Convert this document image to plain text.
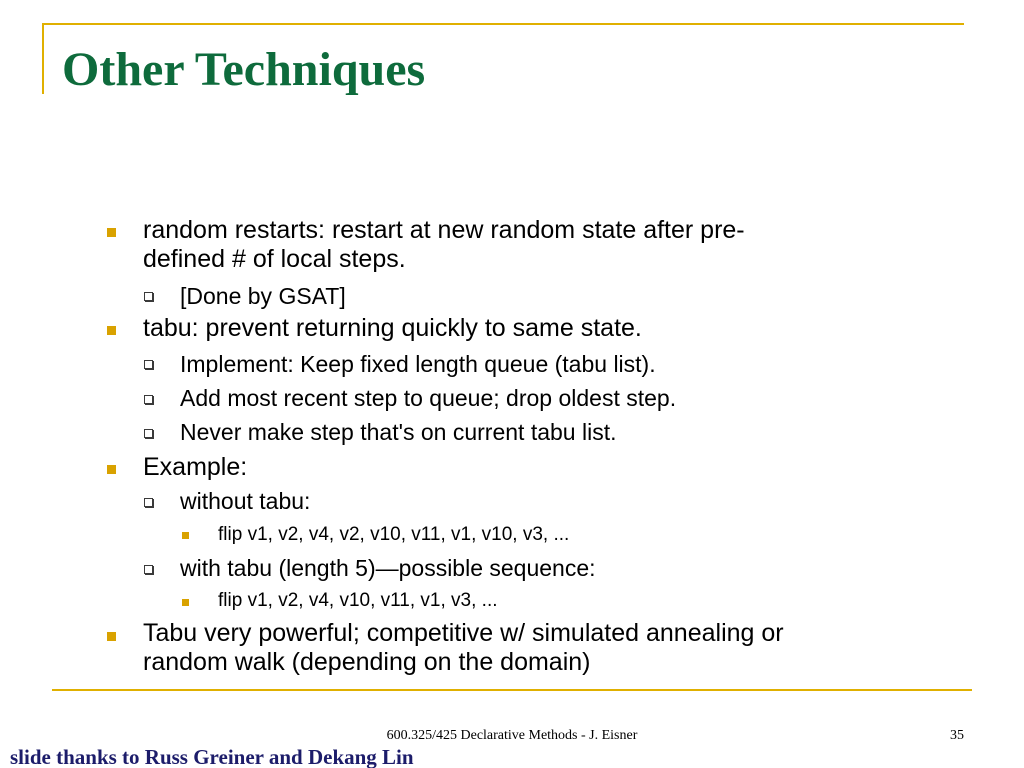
Other Techniques
random restarts: restart at new random state after pre-
defined # of local steps.
[Done by GSAT]
tabu: prevent returning quickly to same state.
Implement: Keep fixed length queue (tabu list).
Add most recent step to queue; drop oldest step.
Never make step that's on current tabu list.
Example:
without tabu:
flip v1, v2, v4, v2, v10, v11, v1, v10, v3, ...
with tabu (length 5)—possible sequence:
flip v1, v2, v4, v10, v11, v1, v3, ...
Tabu very powerful; competitive w/ simulated annealing or
random walk (depending on the domain)
600.325/425 Declarative Methods - J. Eisner	35
slide thanks to Russ Greiner and Dekang Lin
